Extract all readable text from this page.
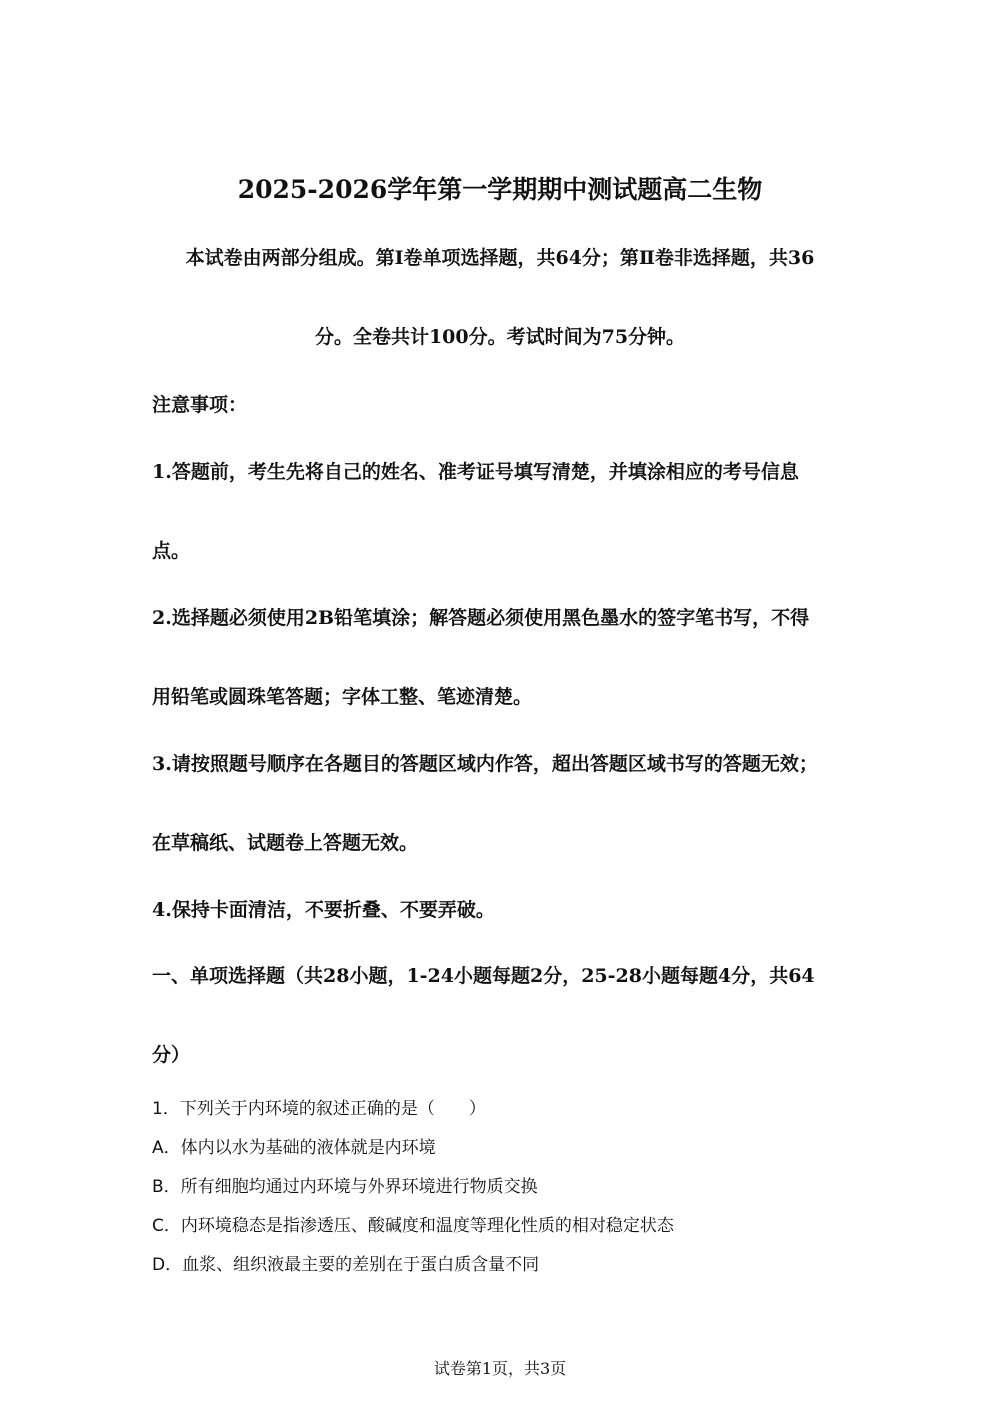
2025-2026学年第一学期期中测试题高二生物
本试卷由两部分组成。第Ⅰ卷单项选择题，共64分；第Ⅱ卷非选择题，共36
分。全卷共计100分。考试时间为75分钟。
注意事项：
1.答题前，考生先将自己的姓名、准考证号填写清楚，并填涂相应的考号信息
点。
2.选择题必须使用2B铅笔填涂；解答题必须使用黑色墨水的签字笔书写，不得
用铅笔或圆珠笔答题；字体工整、笔迹清楚。
3.请按照题号顺序在各题目的答题区域内作答，超出答题区域书写的答题无效；
在草稿纸、试题卷上答题无效。
4.保持卡面清洁，不要折叠、不要弄破。
一、单项选择题（共28小题，1-24小题每题2分，25-28小题每题4分，共64
分）
1．下列关于内环境的叙述正确的是（　　）
A．体内以水为基础的液体就是内环境
B．所有细胞均通过内环境与外界环境进行物质交换
C．内环境稳态是指渗透压、酸碱度和温度等理化性质的相对稳定状态
D．血浆、组织液最主要的差别在于蛋白质含量不同
试卷第1页，共3页
